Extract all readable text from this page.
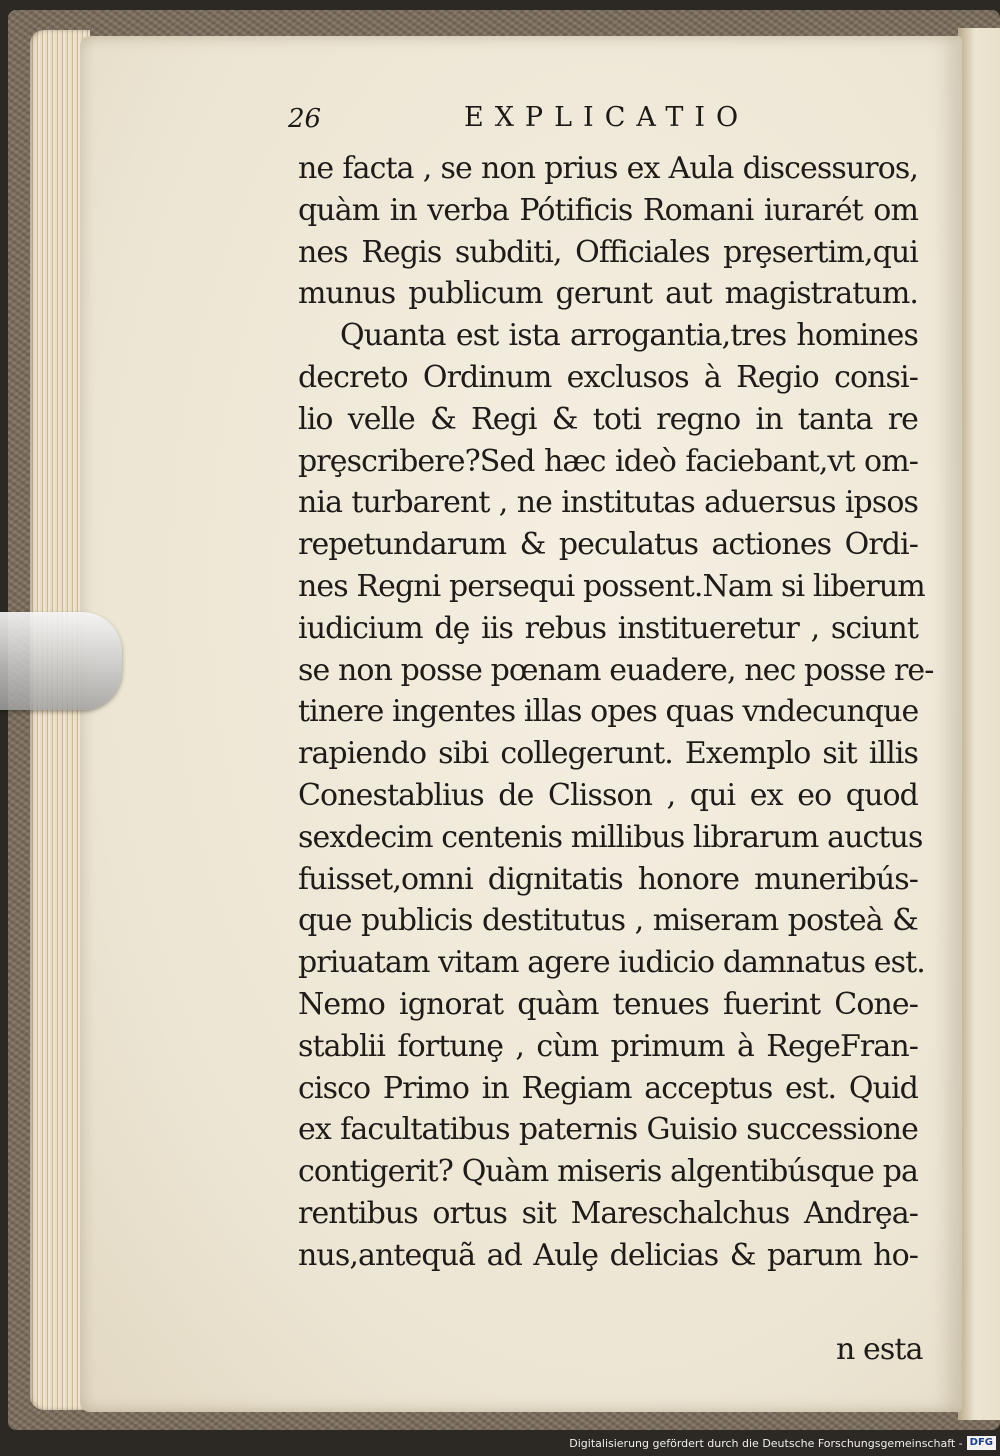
26	EXPLICATIO
ne facta , se non prius ex Aula discessuros,
quàm in verba Pótificis Romani iurarét om
nes Regis subditi, Officiales prȩsertim,qui
munus publicum gerunt aut magistratum.
Quanta est ista arrogantia,tres homines
decreto Ordinum exclusos à Regio consi-
lio velle & Regi & toti regno in tanta re
prȩscribere?Sed hæc ideò faciebant,vt om-
nia turbarent , ne institutas aduersus ipsos
repetundarum & peculatus actiones Ordi-
nes Regni persequi possent.Nam si liberum
iudicium dȩ iis rebus institueretur , sciunt
se non posse pœnam euadere, nec posse re-
tinere ingentes illas opes quas vndecunque
rapiendo sibi collegerunt. Exemplo sit illis
Conestablius de Clisson , qui ex eo quod
sexdecim centenis millibus librarum auctus
fuisset,omni dignitatis honore muneribús-
que publicis destitutus , miseram posteà &
priuatam vitam agere iudicio damnatus est.
Nemo ignorat quàm tenues fuerint Cone-
stablii fortunȩ , cùm primum à RegeFran-
cisco Primo in Regiam acceptus est. Quid
ex facultatibus paternis Guisio successione
contigerit? Quàm miseris algentibúsque pa
rentibus ortus sit Mareschalchus Andrȩa-
nus,antequã ad Aulȩ delicias & parum ho-
n esta
Digitalisierung gefördert durch die Deutsche Forschungsgemeinschaft - DFG
